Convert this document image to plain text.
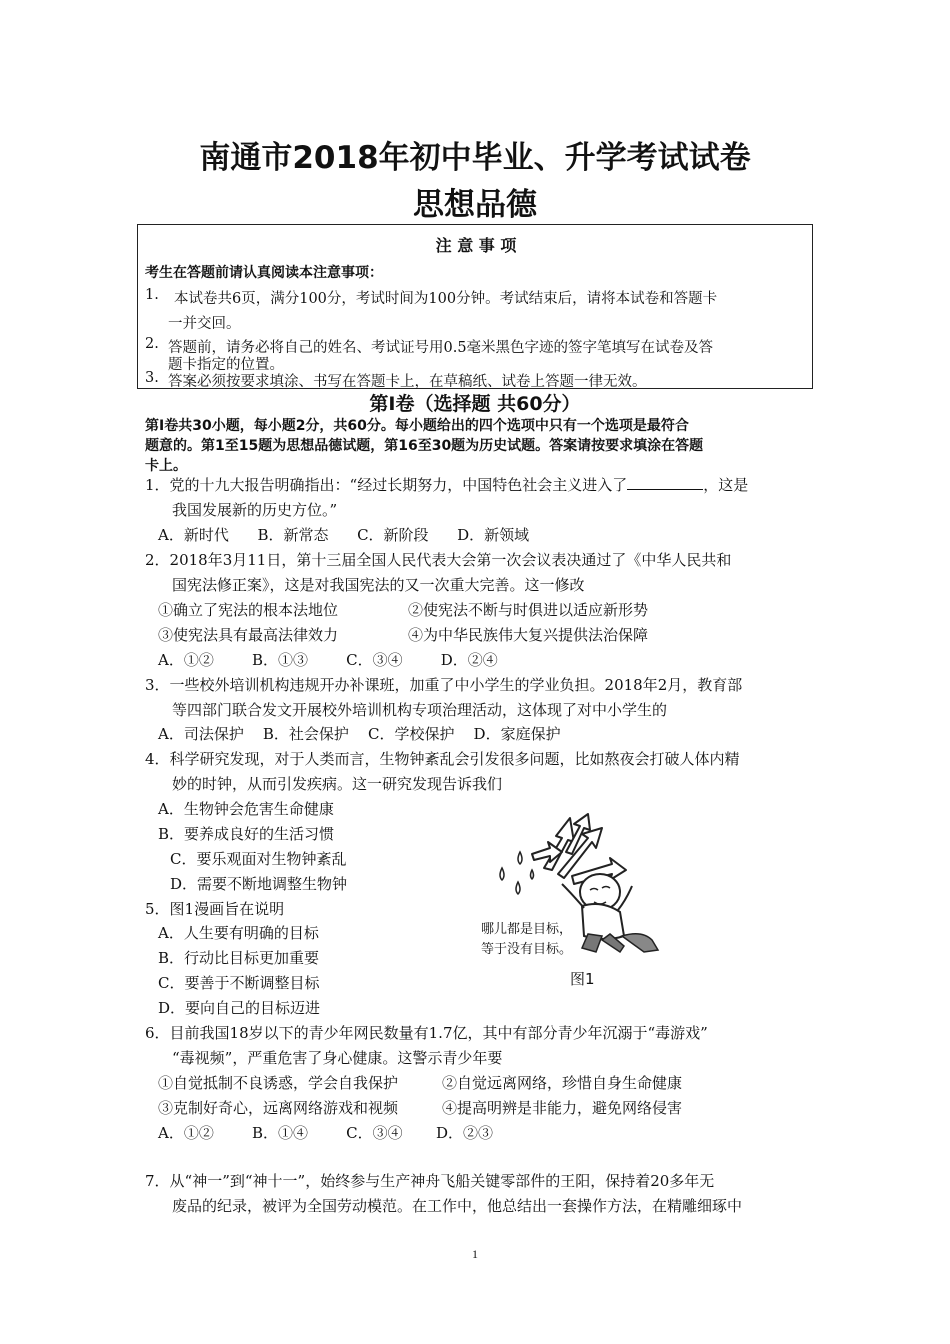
南通市2018年初中毕业、升学考试试卷
思想品德
注 意 事 项
考生在答题前请认真阅读本注意事项：
1. 本试卷共6页，满分100分，考试时间为100分钟。考试结束后，请将本试卷和答题卡
一并交回。
2. 答题前，请务必将自己的姓名、考试证号用0.5毫米黑色字迹的签字笔填写在试卷及答
题卡指定的位置。
3. 答案必须按要求填涂、书写在答题卡上，在草稿纸、试卷上答题一律无效。
第Ⅰ卷（选择题 共60分）
第Ⅰ卷共30小题，每小题2分，共60分。每小题给出的四个选项中只有一个选项是最符合
题意的。第1至15题为思想品德试题，第16至30题为历史试题。答案请按要求填涂在答题
卡上。
1．党的十九大报告明确指出：“经过长期努力，中国特色社会主义进入了	，这是
我国发展新的历史方位。”
A．新时代      B．新常态      C．新阶段      D．新领域
2．2018年3月11日，第十三届全国人民代表大会第一次会议表决通过了《中华人民共和
国宪法修正案》，这是对我国宪法的又一次重大完善。这一修改
①确立了宪法的根本法地位	②使宪法不断与时俱进以适应新形势
③使宪法具有最高法律效力	④为中华民族伟大复兴提供法治保障
A．①②        B．①③        C．③④        D．②④
3．一些校外培训机构违规开办补课班，加重了中小学生的学业负担。2018年2月，教育部
等四部门联合发文开展校外培训机构专项治理活动，这体现了对中小学生的
A．司法保护    B．社会保护    C．学校保护    D．家庭保护
4．科学研究发现，对于人类而言，生物钟紊乱会引发很多问题，比如熬夜会打破人体内精
妙的时钟，从而引发疾病。这一研究发现告诉我们
A．生物钟会危害生命健康
B．要养成良好的生活习惯
C．要乐观面对生物钟紊乱
D．需要不断地调整生物钟
5．图1漫画旨在说明
A．人生要有明确的目标
B．行动比目标更加重要
C．要善于不断调整目标
D．要向自己的目标迈进
哪儿都是目标，
等于没有目标。
图1
6．目前我国18岁以下的青少年网民数量有1.7亿，其中有部分青少年沉溺于“毒游戏”
“毒视频”，严重危害了身心健康。这警示青少年要
①自觉抵制不良诱惑，学会自我保护	②自觉远离网络，珍惜自身生命健康
③克制好奇心，远离网络游戏和视频	④提高明辨是非能力，避免网络侵害
A．①②        B．①④        C．③④       D．②③
7．从“神一”到“神十一”，始终参与生产神舟飞船关键零部件的王阳，保持着20多年无
废品的纪录，被评为全国劳动模范。在工作中，他总结出一套操作方法，在精雕细琢中
1
